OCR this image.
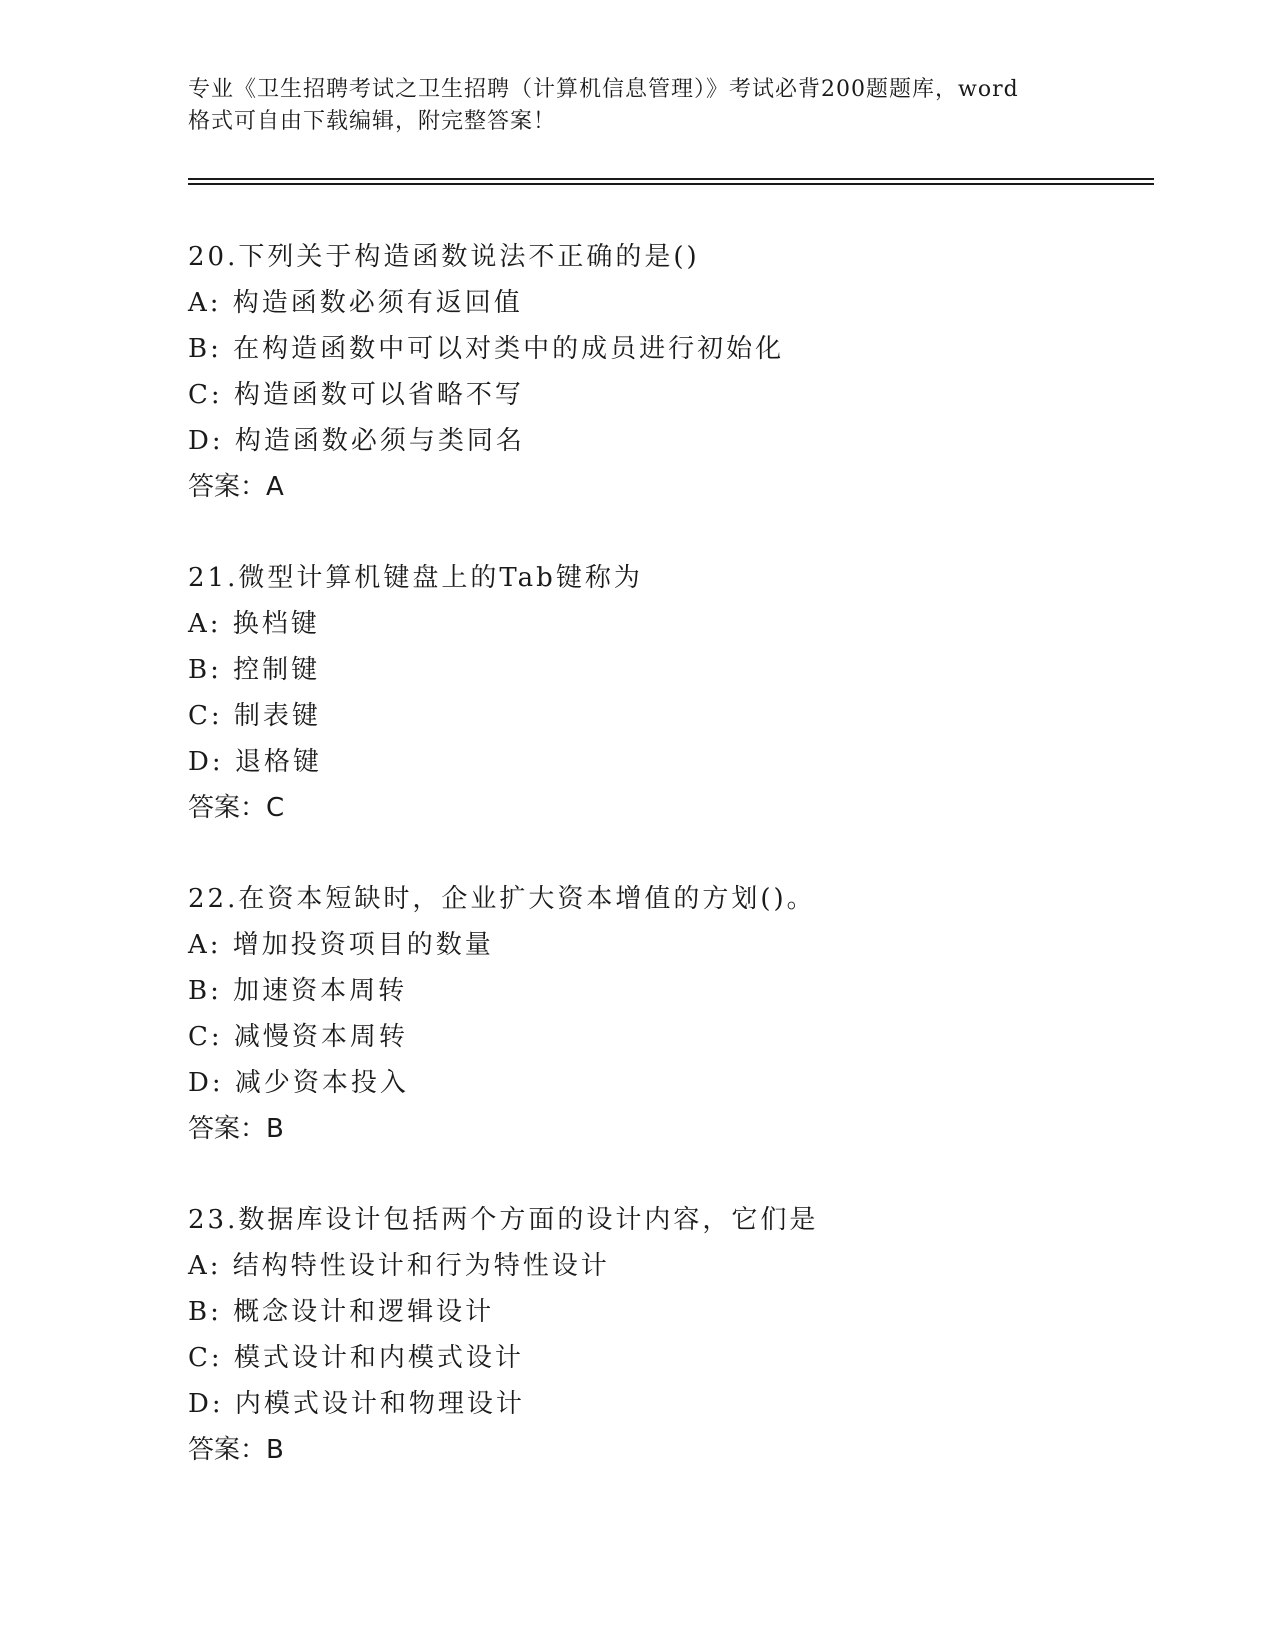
专业《卫生招聘考试之卫生招聘（计算机信息管理）》考试必背200题题库，word
格式可自由下载编辑，附完整答案！
20.下列关于构造函数说法不正确的是()
A: 构造函数必须有返回值
B: 在构造函数中可以对类中的成员进行初始化
C: 构造函数可以省略不写
D: 构造函数必须与类同名
答案：A
21.微型计算机键盘上的Tab键称为
A: 换档键
B: 控制键
C: 制表键
D: 退格键
答案：C
22.在资本短缺时，企业扩大资本增值的方划()。
A: 增加投资项目的数量
B: 加速资本周转
C: 减慢资本周转
D: 减少资本投入
答案：B
23.数据库设计包括两个方面的设计内容，它们是
A: 结构特性设计和行为特性设计
B: 概念设计和逻辑设计
C: 模式设计和内模式设计
D: 内模式设计和物理设计
答案：B
